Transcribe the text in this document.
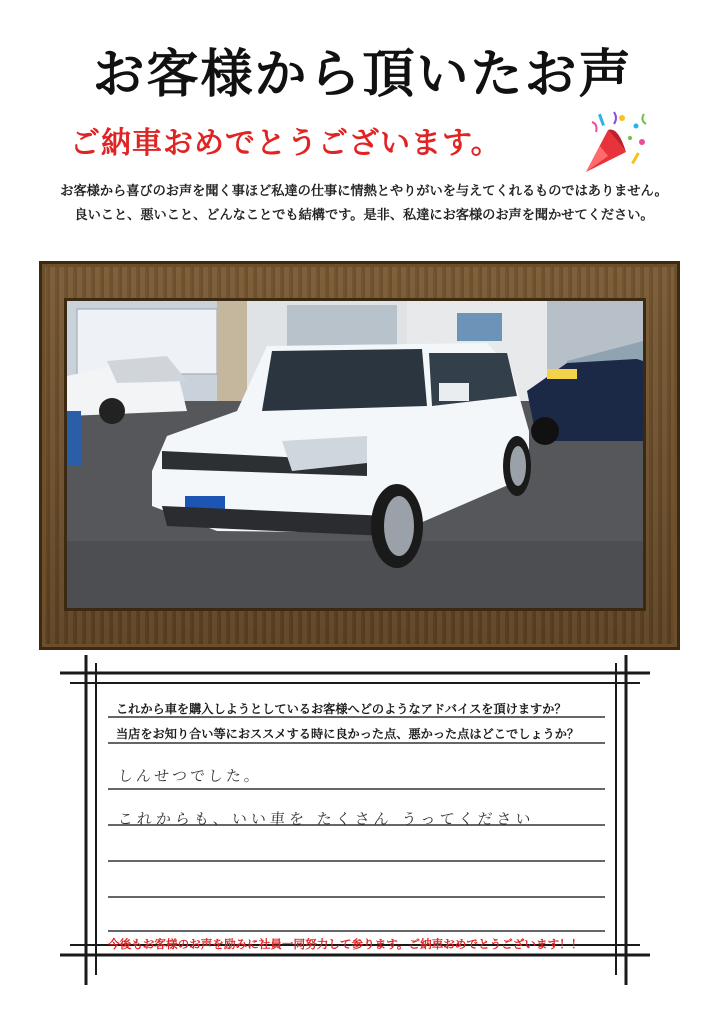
お客様から頂いたお声
ご納車おめでとうございます。
お客様から喜びのお声を聞く事ほど私達の仕事に情熱とやりがいを与えてくれるものではありません。
良いこと、悪いこと、どんなことでも結構です。是非、私達にお客様のお声を聞かせてください。
これから車を購入しようとしているお客様へどのようなアドバイスを頂けますか？
当店をお知り合い等におススメする時に良かった点、悪かった点はどこでしょうか？
しんせつでした。
これからも、いい車を たくさん うってください
今後もお客様のお声を励みに社員一同努力して参ります。ご納車おめでとうございます！！
